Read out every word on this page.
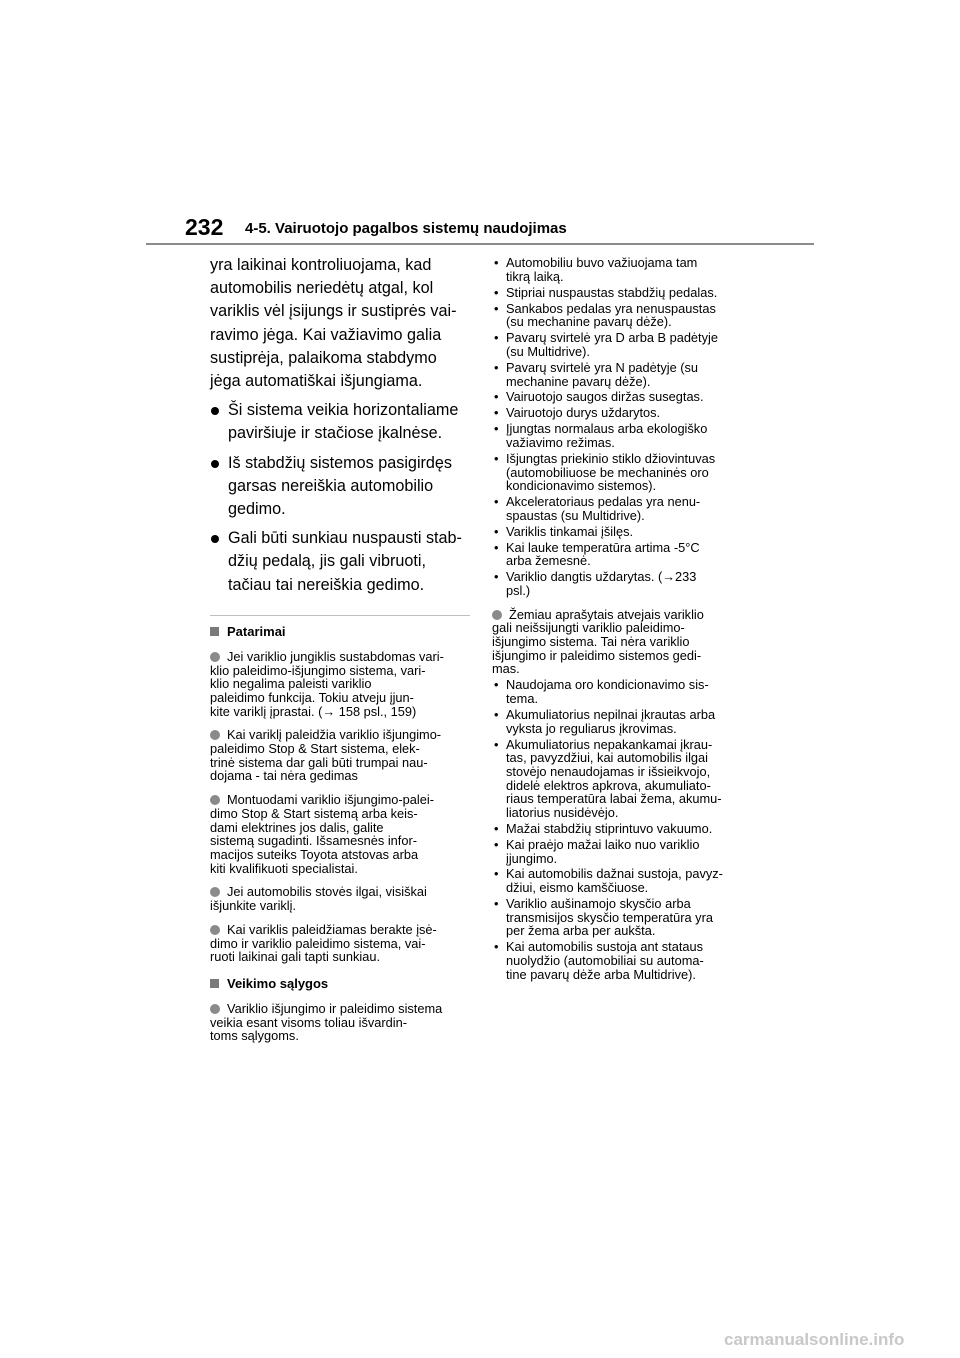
232 4-5. Vairuotojo pagalbos sistemų naudojimas

yra laikinai kontroliuojama, kad
automobilis neriedėtų atgal, kol
variklis vėl įsijungs ir sustiprės vai-
ravimo jėga. Kai važiavimo galia
sustiprėja, palaikoma stabdymo
jėga automatiškai išjungiama.

Ši sistema veikia horizontaliame
paviršiuje ir stačiose įkalnėse.
Iš stabdžių sistemos pasigirdęs
garsas nereiškia automobilio
gedimo.
Gali būti sunkiau nuspausti stab-
džių pedalą, jis gali vibruoti,
tačiau tai nereiškia gedimo.
Patarimai
Jei variklio jungiklis sustabdomas vari-
klio paleidimo-išjungimo sistema, vari-
klio negalima paleisti variklio
paleidimo funkcija. Tokiu atveju įjun-
kite variklį įprastai. (→ 158 psl., 159)
Kai variklį paleidžia variklio išjungimo-
paleidimo Stop & Start sistema, elek-
trinė sistema dar gali būti trumpai nau-
dojama - tai nėra gedimas
Montuodami variklio išjungimo-palei-
dimo Stop & Start sistemą arba keis-
dami elektrines jos dalis, galite
sistemą sugadinti. Išsamesnės infor-
macijos suteiks Toyota atstovas arba
kiti kvalifikuoti specialistai.
Jei automobilis stovės ilgai, visiškai
išjunkite variklį.
Kai variklis paleidžiamas berakte įsė-
dimo ir variklio paleidimo sistema, vai-
ruoti laikinai gali tapti sunkiau.
Veikimo sąlygos
Variklio išjungimo ir paleidimo sistema
veikia esant visoms toliau išvardin-
toms sąlygoms.
• Automobiliu buvo važiuojama tam
tikrą laiką.
• Stipriai nuspaustas stabdžių pedalas.
• Sankabos pedalas yra nenuspaustas
(su mechanine pavarų dėže).
• Pavarų svirtelė yra D arba B padėtyje
(su Multidrive).
• Pavarų svirtelė yra N padėtyje (su
mechanine pavarų dėže).
• Vairuotojo saugos diržas susegtas.
• Vairuotojo durys uždarytos.
• Įjungtas normalaus arba ekologiško
važiavimo režimas.
• Išjungtas priekinio stiklo džiovintuvas
(automobiliuose be mechaninės oro
kondicionavimo sistemos).
• Akceleratoriaus pedalas yra nenu-
spaustas (su Multidrive).
• Variklis tinkamai įšilęs.
• Kai lauke temperatūra artima -5°C
arba žemesnė.
• Variklio dangtis uždarytas. (→233
psl.)
Žemiau aprašytais atvejais variklio
gali neišsijungti variklio paleidimo-
išjungimo sistema. Tai nėra variklio
išjungimo ir paleidimo sistemos gedi-
mas.
• Naudojama oro kondicionavimo sis-
tema.
• Akumuliatorius nepilnai įkrautas arba
vyksta jo reguliarus įkrovimas.
• Akumuliatorius nepakankamai įkrau-
tas, pavyzdžiui, kai automobilis ilgai
stovėjo nenaudojamas ir išsieikvojo,
didelė elektros apkrova, akumuliato-
riaus temperatūra labai žema, akumu-
liatorius nusidėvėjo.
• Mažai stabdžių stiprintuvo vakuumo.
• Kai praėjo mažai laiko nuo variklio
įjungimo.
• Kai automobilis dažnai sustoja, pavyz-
džiui, eismo kamščiuose.
• Variklio aušinamojo skysčio arba
transmisijos skysčio temperatūra yra
per žema arba per aukšta.
• Kai automobilis sustoja ant stataus
nuolydžio (automobiliai su automa-
tine pavarų dėže arba Multidrive).
carmanualsonline.info
